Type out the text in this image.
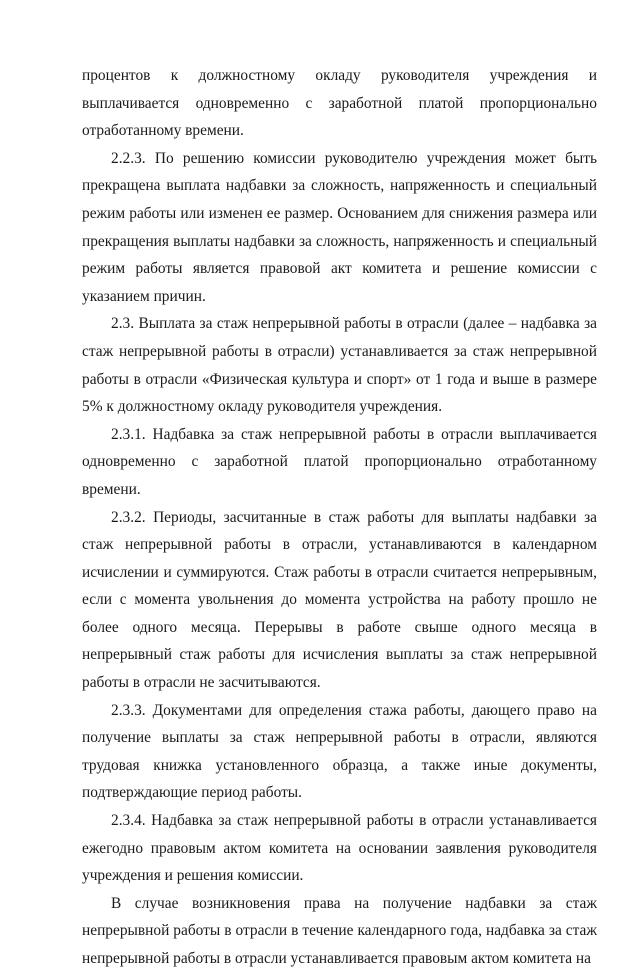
процентов к должностному окладу руководителя учреждения и выплачивается одновременно с заработной платой пропорционально отработанному времени.

2.2.3. По решению комиссии руководителю учреждения может быть прекращена выплата надбавки за сложность, напряженность и специальный режим работы или изменен ее размер. Основанием для снижения размера или прекращения выплаты надбавки за сложность, напряженность и специальный режим работы является правовой акт комитета и решение комиссии с указанием причин.

2.3. Выплата за стаж непрерывной работы в отрасли (далее – надбавка за стаж непрерывной работы в отрасли) устанавливается за стаж непрерывной работы в отрасли «Физическая культура и спорт» от 1 года и выше в размере 5% к должностному окладу руководителя учреждения.

2.3.1. Надбавка за стаж непрерывной работы в отрасли выплачивается одновременно с заработной платой пропорционально отработанному времени.

2.3.2. Периоды, засчитанные в стаж работы для выплаты надбавки за стаж непрерывной работы в отрасли, устанавливаются в календарном исчислении и суммируются. Стаж работы в отрасли считается непрерывным, если с момента увольнения до момента устройства на работу прошло не более одного месяца. Перерывы в работе свыше одного месяца в непрерывный стаж работы для исчисления выплаты за стаж непрерывной работы в отрасли не засчитываются.

2.3.3. Документами для определения стажа работы, дающего право на получение выплаты за стаж непрерывной работы в отрасли, являются трудовая книжка установленного образца, а также иные документы, подтверждающие период работы.

2.3.4. Надбавка за стаж непрерывной работы в отрасли устанавливается ежегодно правовым актом комитета на основании заявления руководителя учреждения и решения комиссии.

В случае возникновения права на получение надбавки за стаж непрерывной работы в отрасли в течение календарного года, надбавка за стаж непрерывной работы в отрасли устанавливается правовым актом комитета на
